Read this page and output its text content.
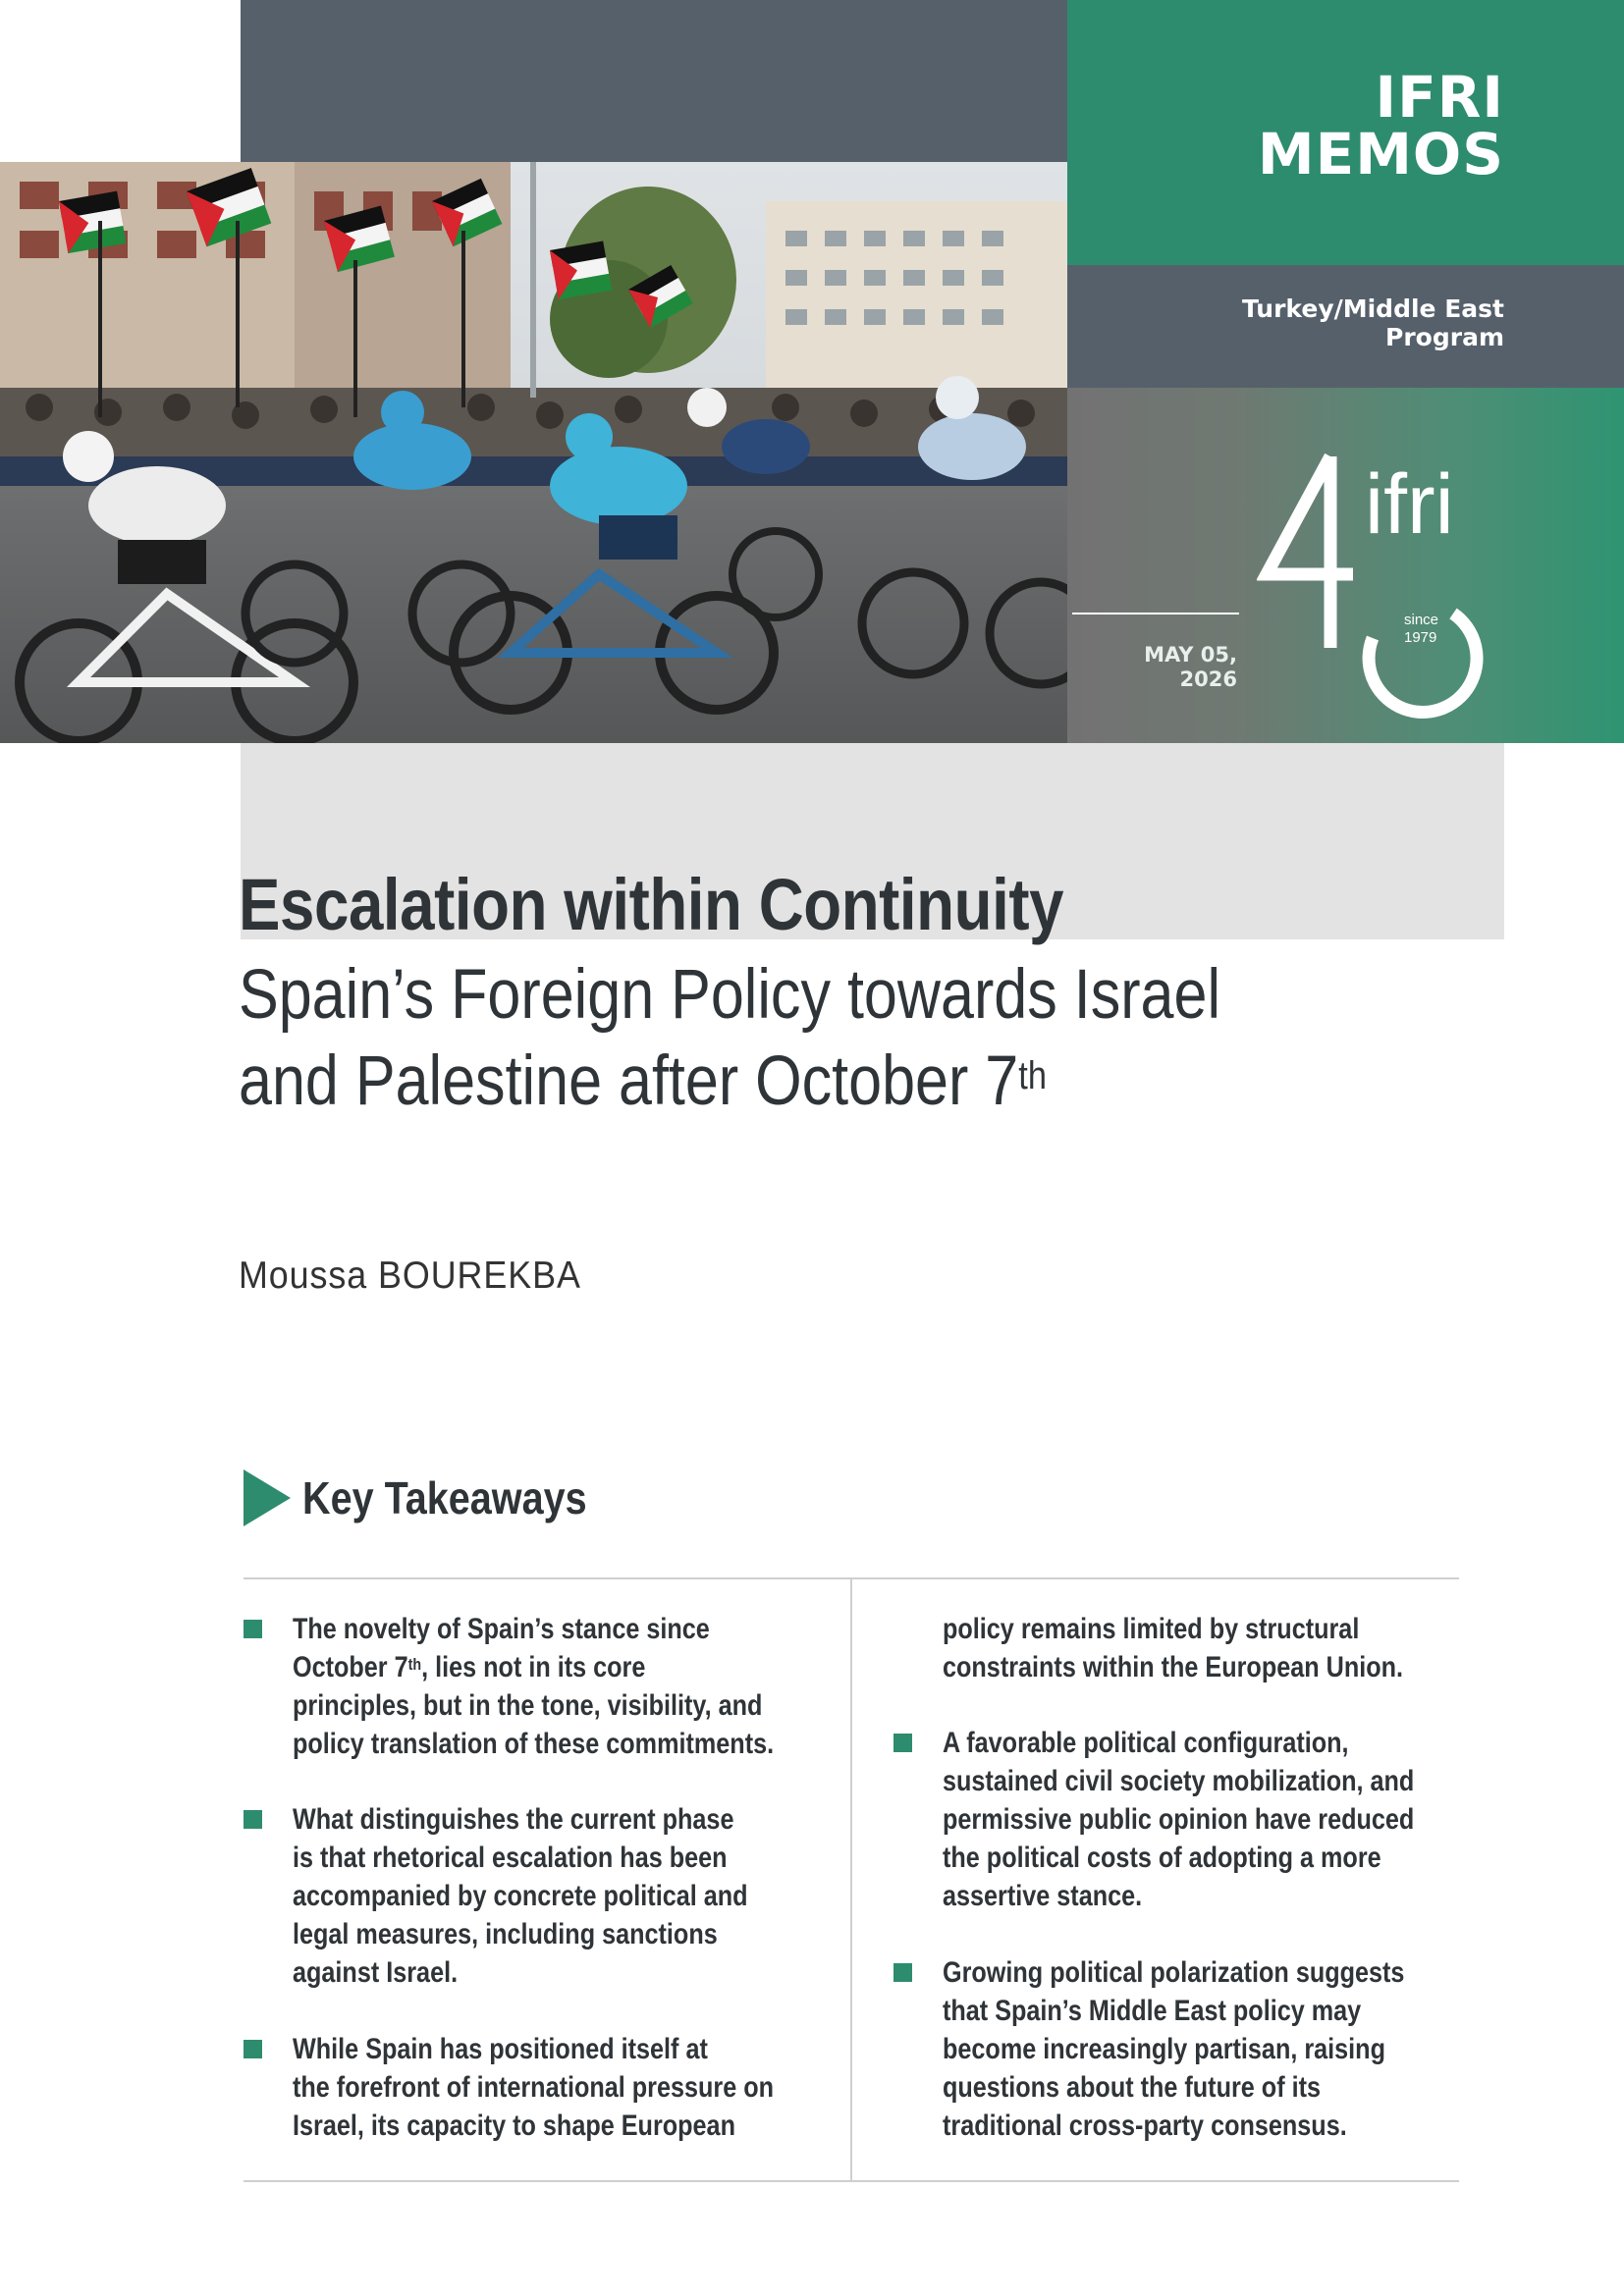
IFRI
MEMOS
Turkey/Middle East
Program
MAY 05,
2026
ifri
since
1979
Escalation within Continuity
Spain’s Foreign Policy towards Israel
and Palestine after October 7th
Moussa BOUREKBA
Key Takeaways
The novelty of Spain’s stance since
October 7th, lies not in its core
principles, but in the tone, visibility, and
policy translation of these commitments.
What distinguishes the current phase
is that rhetorical escalation has been
accompanied by concrete political and
legal measures, including sanctions
against Israel.
While Spain has positioned itself at
the forefront of international pressure on
Israel, its capacity to shape European
policy remains limited by structural
constraints within the European Union.
A favorable political configuration,
sustained civil society mobilization, and
permissive public opinion have reduced
the political costs of adopting a more
assertive stance.
Growing political polarization suggests
that Spain’s Middle East policy may
become increasingly partisan, raising
questions about the future of its
traditional cross-party consensus.
